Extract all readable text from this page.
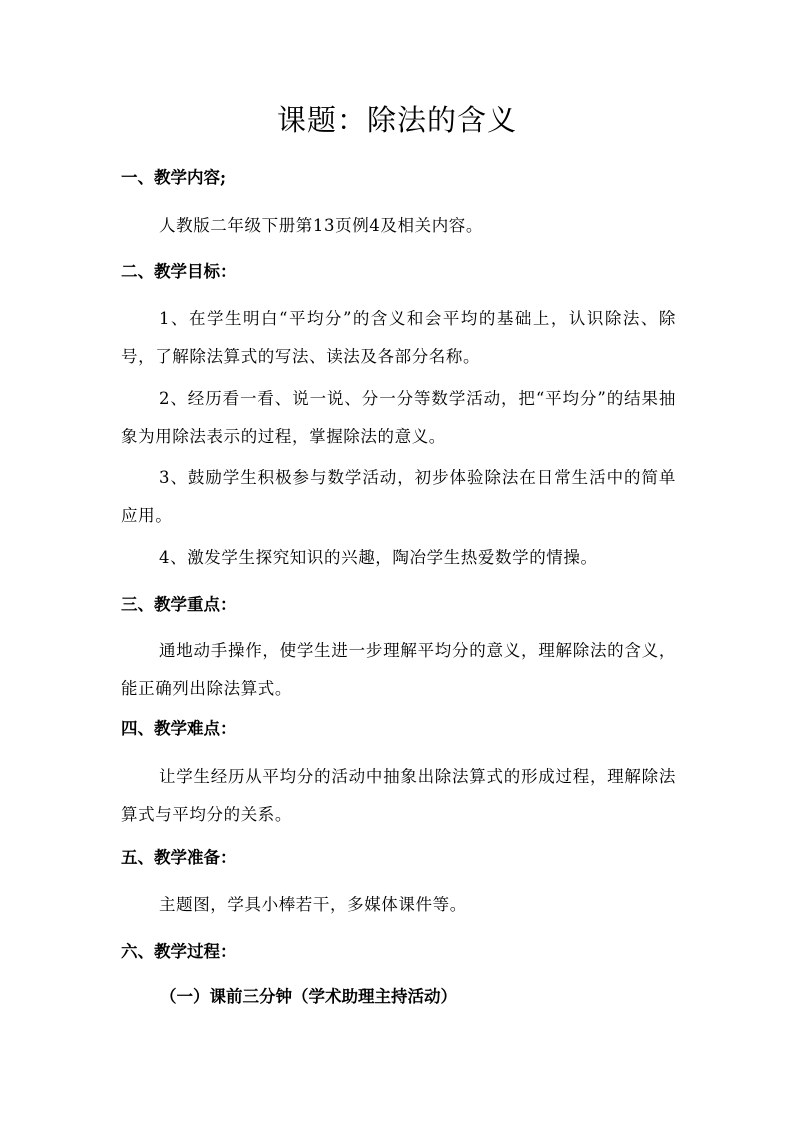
课题：除法的含义
一、教学内容;
人教版二年级下册第13页例4及相关内容。
二、教学目标：
1、在学生明白“平均分”的含义和会平均的基础上，认识除法、除号，了解除法算式的写法、读法及各部分名称。
2、经历看一看、说一说、分一分等数学活动，把“平均分”的结果抽象为用除法表示的过程，掌握除法的意义。
3、鼓励学生积极参与数学活动，初步体验除法在日常生活中的简单应用。
4、激发学生探究知识的兴趣，陶冶学生热爱数学的情操。
三、教学重点：
通地动手操作，使学生进一步理解平均分的意义，理解除法的含义，能正确列出除法算式。
四、教学难点：
让学生经历从平均分的活动中抽象出除法算式的形成过程，理解除法算式与平均分的关系。
五、教学准备：
主题图，学具小棒若干，多媒体课件等。
六、教学过程：
（一）课前三分钟（学术助理主持活动）
